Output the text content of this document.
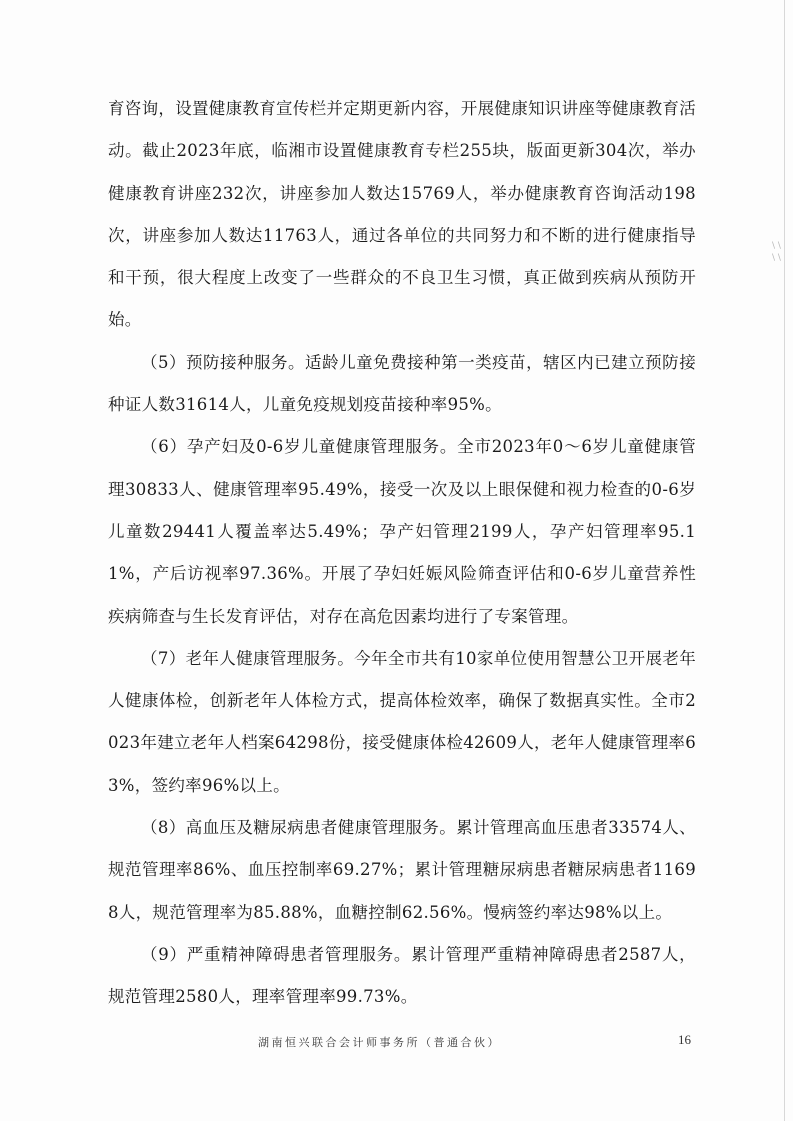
\ \ \ \

育咨询，设置健康教育宣传栏并定期更新内容，开展健康知识讲座等健康教育活动。截止2023年底，临湘市设置健康教育专栏255块，版面更新304次，举办健康教育讲座232次，讲座参加人数达15769人，举办健康教育咨询活动198次，讲座参加人数达11763人，通过各单位的共同努力和不断的进行健康指导和干预，很大程度上改变了一些群众的不良卫生习惯，真正做到疾病从预防开始。

（5）预防接种服务。适龄儿童免费接种第一类疫苗，辖区内已建立预防接种证人数31614人，儿童免疫规划疫苗接种率95%。

（6）孕产妇及0-6岁儿童健康管理服务。全市2023年0～6岁儿童健康管理30833人、健康管理率95.49%，接受一次及以上眼保健和视力检查的0-6岁儿童数29441人覆盖率达5.49%；孕产妇管理2199人，孕产妇管理率95.11%，产后访视率97.36%。开展了孕妇妊娠风险筛查评估和0-6岁儿童营养性疾病筛查与生长发育评估，对存在高危因素均进行了专案管理。

（7）老年人健康管理服务。今年全市共有10家单位使用智慧公卫开展老年人健康体检，创新老年人体检方式，提高体检效率，确保了数据真实性。全市2023年建立老年人档案64298份，接受健康体检42609人，老年人健康管理率63%，签约率96%以上。

（8）高血压及糖尿病患者健康管理服务。累计管理高血压患者33574人、规范管理率86%、血压控制率69.27%；累计管理糖尿病患者糖尿病患者11698人，规范管理率为85.88%，血糖控制62.56%。慢病签约率达98%以上。

（9）严重精神障碍患者管理服务。累计管理严重精神障碍患者2587人，规范管理2580人，理率管理率99.73%。

湖南恒兴联合会计师事务所（普通合伙）	16
